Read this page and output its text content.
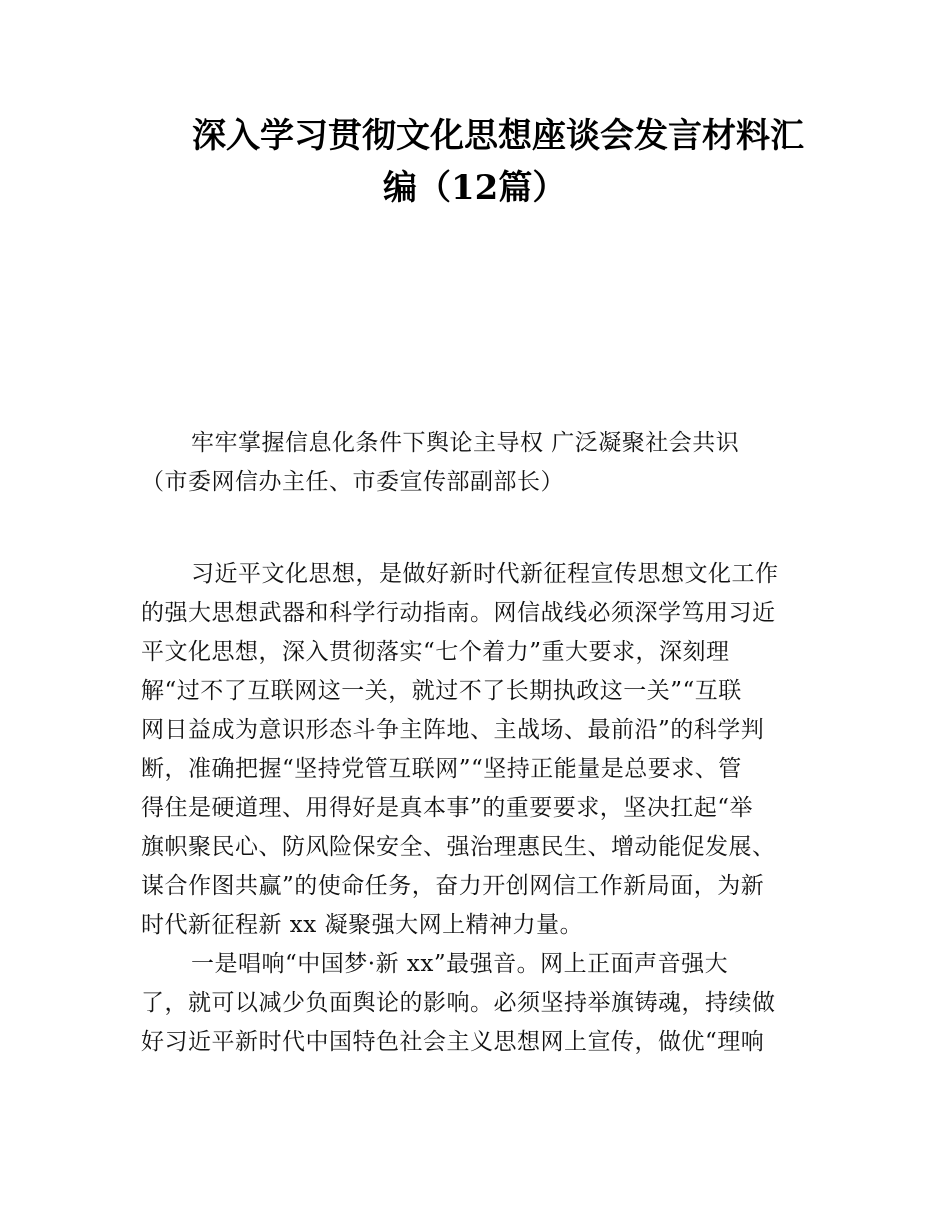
深入学习贯彻文化思想座谈会发言材料汇
编（12篇）
牢牢掌握信息化条件下舆论主导权 广泛凝聚社会共识
（市委网信办主任、市委宣传部副部长）
习近平文化思想，是做好新时代新征程宣传思想文化工作
的强大思想武器和科学行动指南。网信战线必须深学笃用习近
平文化思想，深入贯彻落实“七个着力”重大要求，深刻理
解“过不了互联网这一关，就过不了长期执政这一关”“互联
网日益成为意识形态斗争主阵地、主战场、最前沿”的科学判
断，准确把握“坚持党管互联网”“坚持正能量是总要求、管
得住是硬道理、用得好是真本事”的重要要求，坚决扛起“举
旗帜聚民心、防风险保安全、强治理惠民生、增动能促发展、
谋合作图共赢”的使命任务，奋力开创网信工作新局面，为新
时代新征程新 xx 凝聚强大网上精神力量。
一是唱响“中国梦·新 xx”最强音。网上正面声音强大
了，就可以减少负面舆论的影响。必须坚持举旗铸魂，持续做
好习近平新时代中国特色社会主义思想网上宣传，做优“理响
